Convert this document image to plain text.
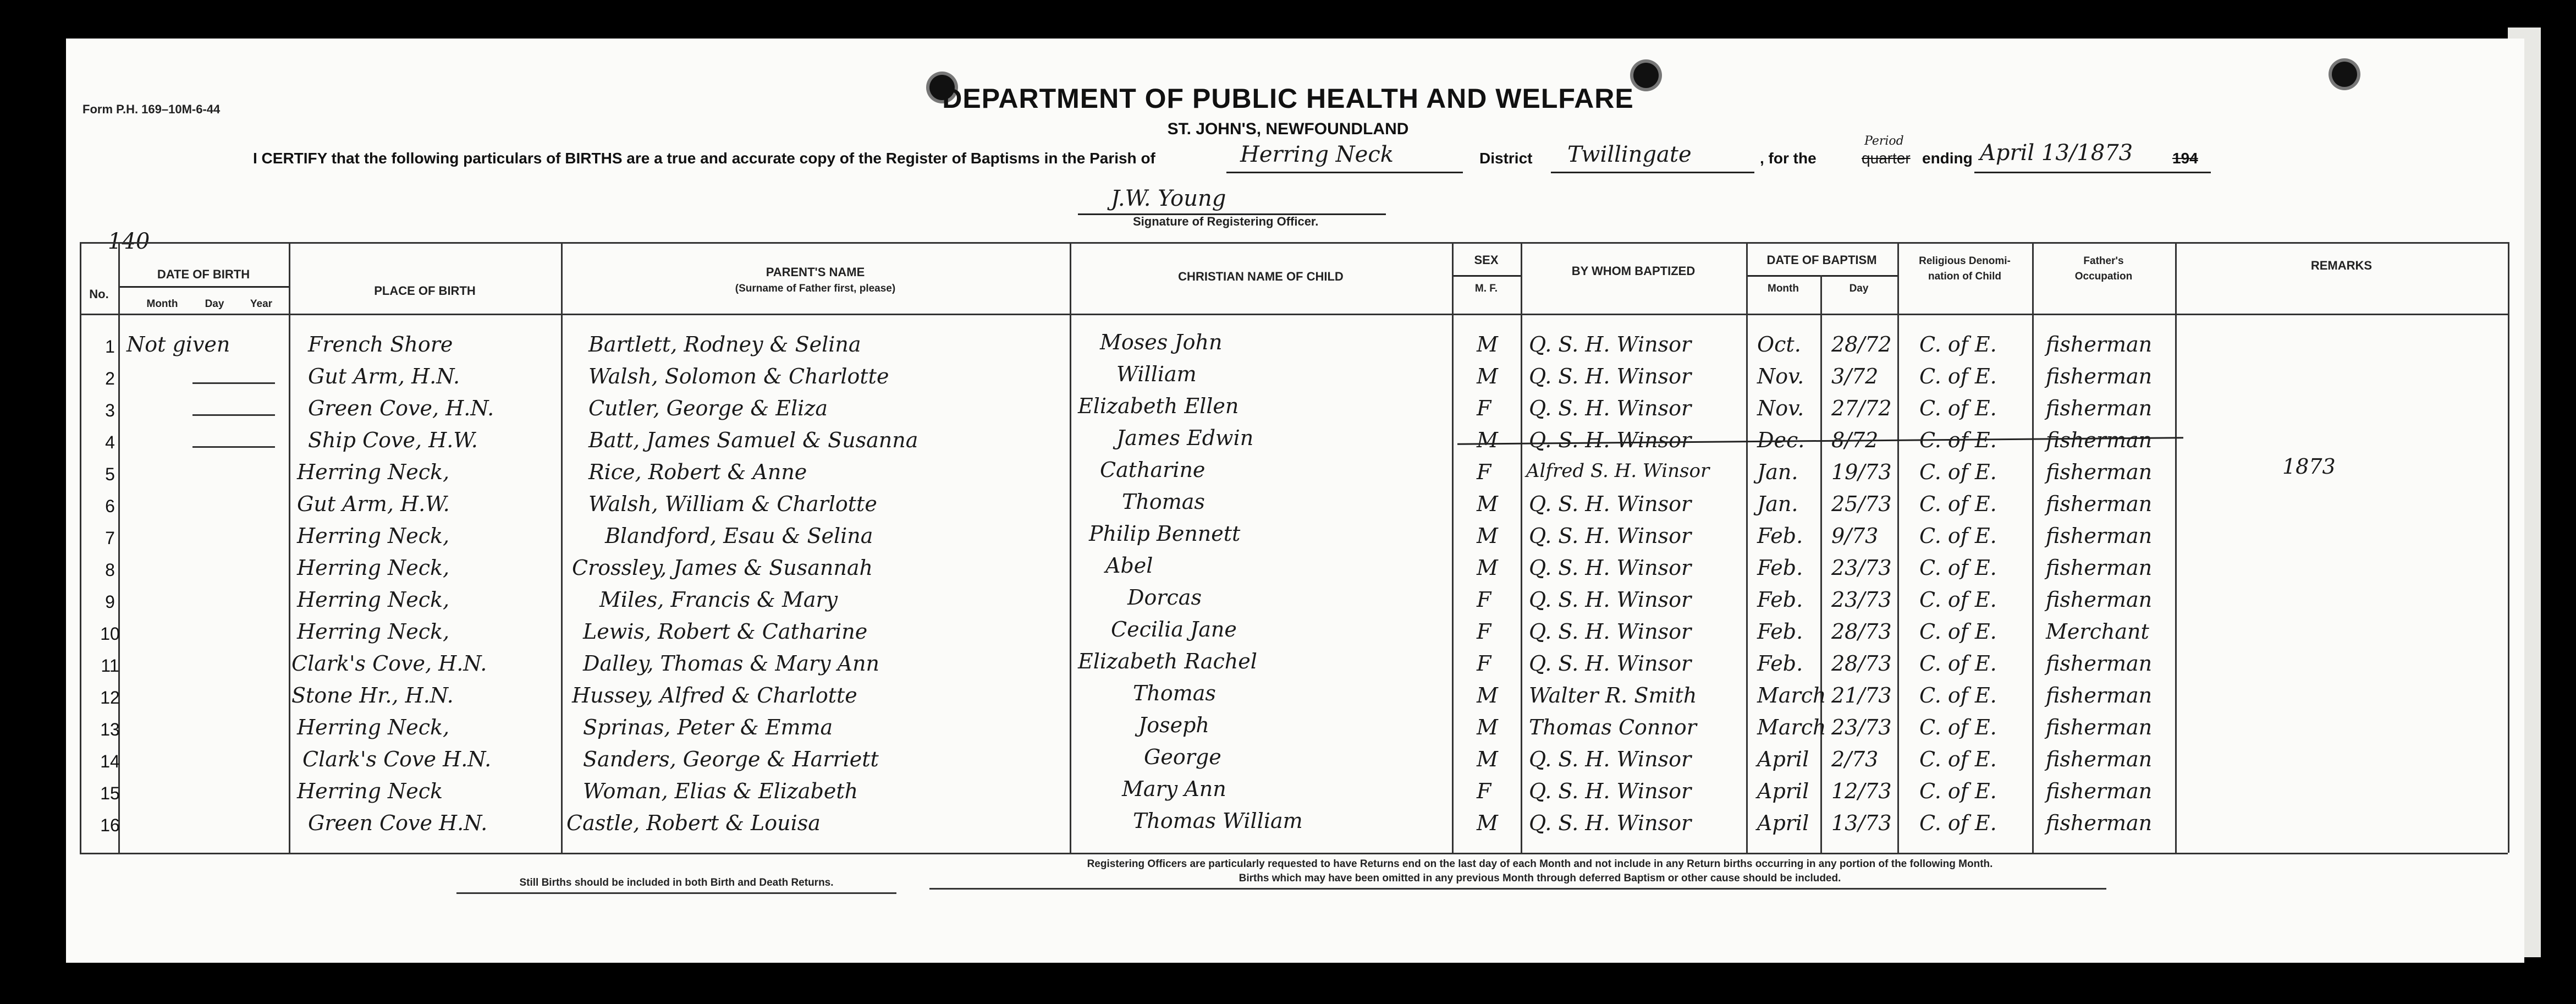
Form P.H. 169–10M-6-44	DEPARTMENT OF PUBLIC HEALTH AND WELFARE
ST. JOHN'S, NEWFOUNDLAND
I CERTIFY that the following particulars of BIRTHS are a true and accurate copy of the Register of Baptisms in the Parish of	Herring Neck	District Twillingate	, for the	quarter
Period
ending April 13/1873	194
J.W. Young
Signature of Registering Officer.
140
No.
DATE OF BIRTH
Month	Day	Year
PLACE OF BIRTH
PARENT'S NAME
(Surname of Father first, please)
CHRISTIAN NAME OF CHILD
SEX
M. F.
BY WHOM BAPTIZED
DATE OF BAPTISM
Month	Day
Religious Denomi-
nation of Child
Father's
Occupation
REMARKS
1 Not given	French Shore	Bartlett, Rodney & Selina	Moses John	M Q. S. H. Winsor	Oct. 28/72 C. of E. fisherman
2	Gut Arm, H.N.	Walsh, Solomon & Charlotte	William	M Q. S. H. Winsor	Nov. 3/72 C. of E. fisherman
3	Green Cove, H.N.	Cutler, George & Eliza	Elizabeth Ellen	F Q. S. H. Winsor	Nov. 27/72 C. of E. fisherman
4	Ship Cove, H.W.	Batt, James Samuel & Susanna	James Edwin	M Q. S. H. Winsor	Dec. 8/72 C. of E. fisherman
5	Herring Neck,	Rice, Robert & Anne	Catharine	F Alfred S. H. Winsor Jan. 19/73 C. of E. fisherman	1873
6	Gut Arm, H.W.	Walsh, William & Charlotte	Thomas	M Q. S. H. Winsor	Jan. 25/73 C. of E. fisherman
7	Herring Neck,	Blandford, Esau & Selina	Philip Bennett	M Q. S. H. Winsor	Feb. 9/73 C. of E. fisherman
8	Herring Neck,	Crossley, James & Susannah	Abel	M Q. S. H. Winsor	Feb. 23/73 C. of E. fisherman
9	Herring Neck,	Miles, Francis & Mary	Dorcas	F Q. S. H. Winsor	Feb. 23/73 C. of E. fisherman
10	Herring Neck,	Lewis, Robert & Catharine	Cecilia Jane	F Q. S. H. Winsor	Feb. 28/73 C. of E. Merchant
11	Clark's Cove, H.N.	Dalley, Thomas & Mary Ann	Elizabeth Rachel	F Q. S. H. Winsor	Feb. 28/73 C. of E. fisherman
12	Stone Hr., H.N.	Hussey, Alfred & Charlotte	Thomas	M Walter R. Smith	March 21/73 C. of E. fisherman
13	Herring Neck,	Sprinas, Peter & Emma	Joseph	M Thomas Connor	March 23/73 C. of E. fisherman
14	Clark's Cove H.N.	Sanders, George & Harriett	George	M Q. S. H. Winsor	April 2/73 C. of E. fisherman
15	Herring Neck	Woman, Elias & Elizabeth	Mary Ann	F Q. S. H. Winsor	April 12/73 C. of E. fisherman
16	Green Cove H.N.	Castle, Robert & Louisa	Thomas William	M Q. S. H. Winsor	April 13/73 C. of E. fisherman
Still Births should be included in both Birth and Death Returns.
Registering Officers are particularly requested to have Returns end on the last day of each Month and not include in any Return births occurring in any portion of the following Month.
Births which may have been omitted in any previous Month through deferred Baptism or other cause should be included.
